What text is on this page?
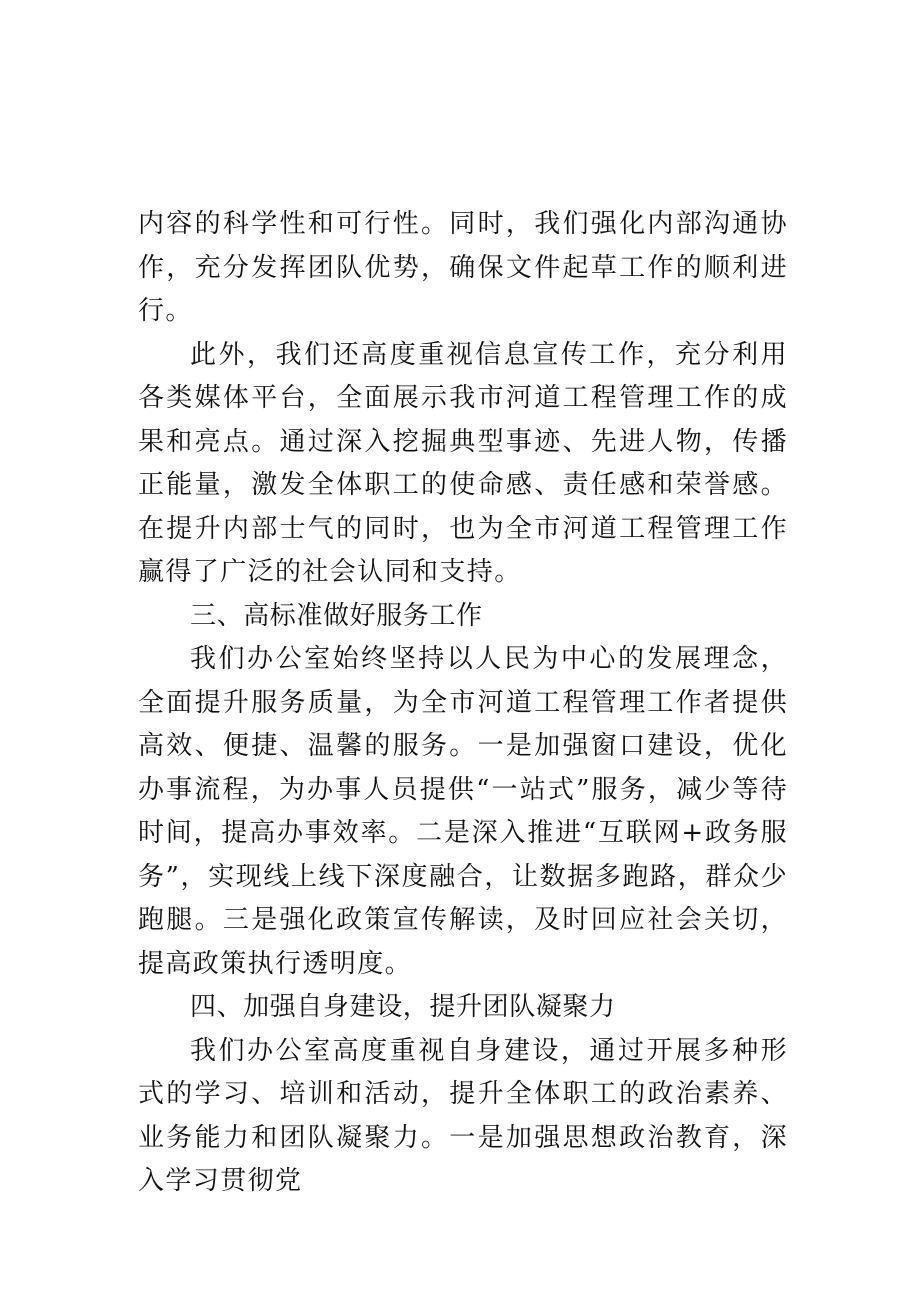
内容的科学性和可行性。同时，我们强化内部沟通协作，充分发挥团队优势，确保文件起草工作的顺利进行。

此外，我们还高度重视信息宣传工作，充分利用各类媒体平台，全面展示我市河道工程管理工作的成果和亮点。通过深入挖掘典型事迹、先进人物，传播正能量，激发全体职工的使命感、责任感和荣誉感。在提升内部士气的同时，也为全市河道工程管理工作赢得了广泛的社会认同和支持。

三、高标准做好服务工作

我们办公室始终坚持以人民为中心的发展理念，全面提升服务质量，为全市河道工程管理工作者提供高效、便捷、温馨的服务。一是加强窗口建设，优化办事流程，为办事人员提供“一站式”服务，减少等待时间，提高办事效率。二是深入推进“互联网+政务服务”，实现线上线下深度融合，让数据多跑路，群众少跑腿。三是强化政策宣传解读，及时回应社会关切，提高政策执行透明度。

四、加强自身建设，提升团队凝聚力

我们办公室高度重视自身建设，通过开展多种形式的学习、培训和活动，提升全体职工的政治素养、业务能力和团队凝聚力。一是加强思想政治教育，深入学习贯彻党
